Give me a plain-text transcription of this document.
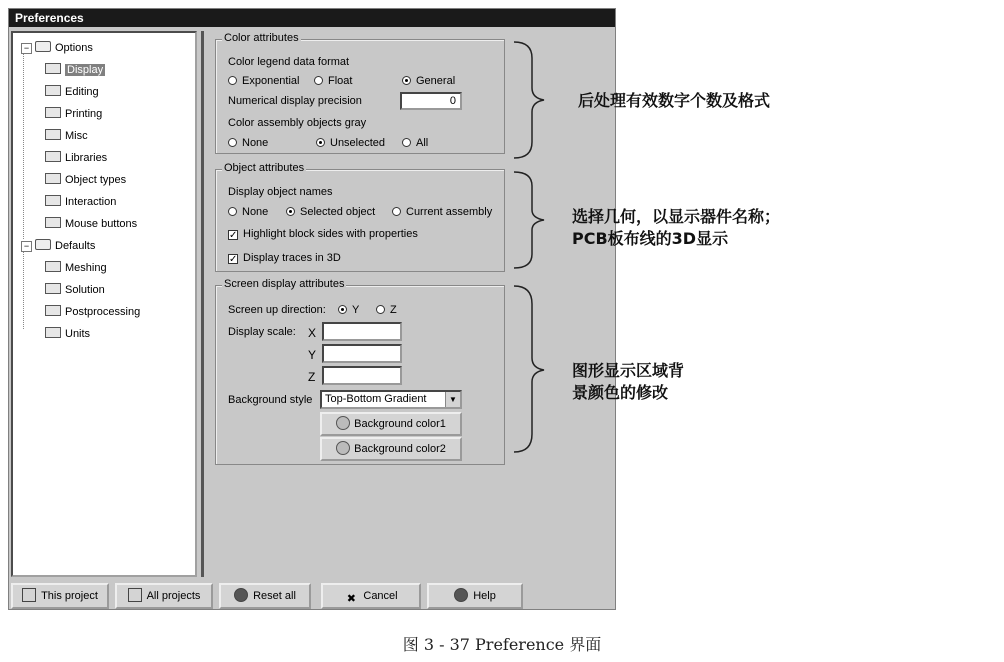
Preferences
− Options
Display
Editing
Printing
Misc
Libraries
Object types
Interaction
Mouse buttons
− Defaults
Meshing
Solution
Postprocessing
Units
Color attributes
Color legend data format
Exponential	Float	General
Numerical display precision	0
Color assembly objects gray
None	Unselected	All
Object attributes
Display object names
None	Selected object	Current assembly
✓ Highlight block sides with properties
✓ Display traces in 3D
Screen display attributes
Screen up direction:	Y	Z
Display scale: X
Y
Z
Background style	Top-Bottom Gradient	▼
Background color1
Background color2
This project	All projects	Reset all	✖ Cancel	Help
后处理有效数字个数及格式
选择几何，以显示器件名称；
PCB板布线的3D显示
图形显示区域背
景颜色的修改
图 3 - 37 Preference 界面
